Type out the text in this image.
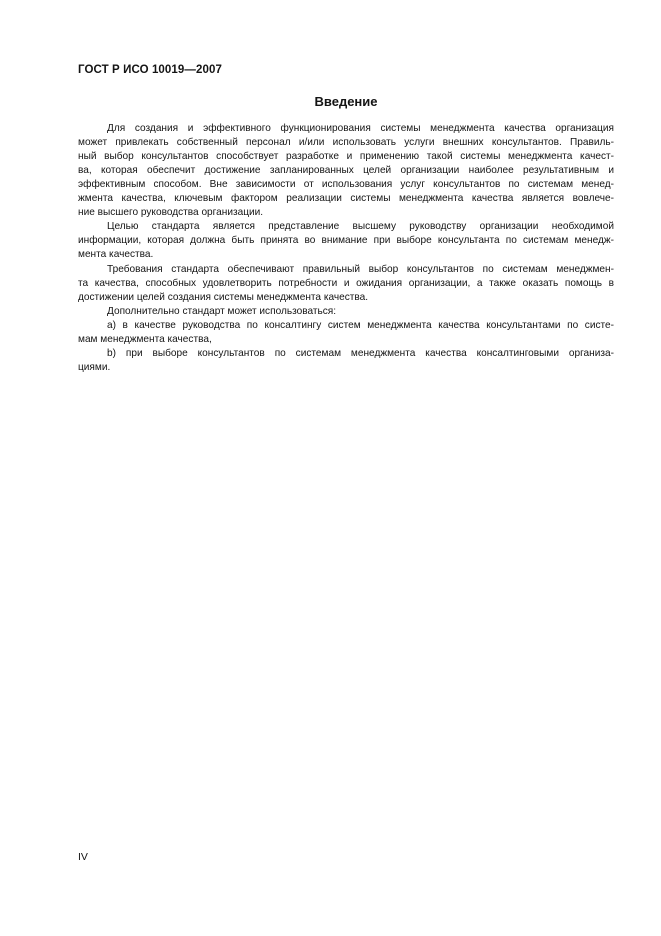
ГОСТ Р ИСО 10019—2007
Введение
Для создания и эффективного функционирования системы менеджмента качества организация
может привлекать собственный персонал и/или использовать услуги внешних консультантов. Правиль-
ный выбор консультантов способствует разработке и применению такой системы менеджмента качест-
ва, которая обеспечит достижение запланированных целей организации наиболее результативным и
эффективным способом. Вне зависимости от использования услуг консультантов по системам менед-
жмента качества, ключевым фактором реализации системы менеджмента качества является вовлече-
ние высшего руководства организации.
Целью стандарта является представление высшему руководству организации необходимой
информации, которая должна быть принята во внимание при выборе консультанта по системам менедж-
мента качества.
Требования стандарта обеспечивают правильный выбор консультантов по системам менеджмен-
та качества, способных удовлетворить потребности и ожидания организации, а также оказать помощь в
достижении целей создания системы менеджмента качества.
Дополнительно стандарт может использоваться:
a) в качестве руководства по консалтингу систем менеджмента качества консультантами по систе-
мам менеджмента качества,
b) при выборе консультантов по системам менеджмента качества консалтинговыми организа-
циями.
IV
